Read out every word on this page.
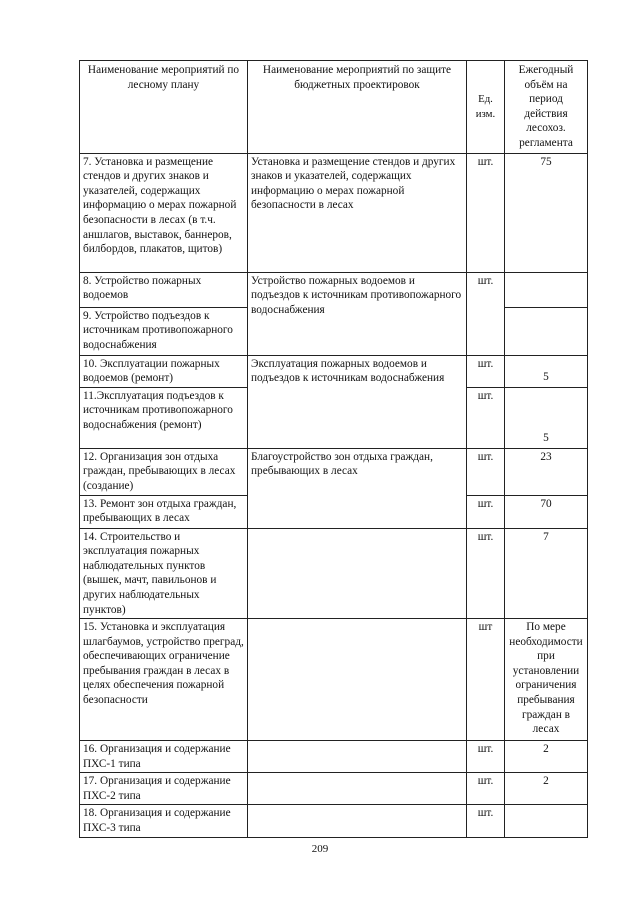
Наименование мероприятий по лесному плану	Наименование мероприятий по защите бюджетных проектировок	Ед. изм.	Ежегодный объём на период действия лесохоз. регламента
7. Установка и размещение стендов и других знаков и указателей, содержащих информацию о мерах пожарной безопасности в лесах (в т.ч. аншлагов, выставок, баннеров, билбордов, плакатов, щитов)	Установка и размещение стендов и других знаков и указателей, содержащих информацию о мерах пожарной безопасности в лесах	шт.	75
8. Устройство пожарных водоемов	Устройство пожарных водоемов и подъездов к источникам противопожарного водоснабжения	шт.	
9. Устройство подъездов к источникам противопожарного водоснабжения			
10. Эксплуатации пожарных водоемов (ремонт)	Эксплуатация пожарных водоемов и подъездов к источникам водоснабжения	шт.	5
11.Эксплуатация подъездов к источникам противопожарного водоснабжения (ремонт)		шт.	5
12. Организация зон отдыха граждан, пребывающих в лесах (создание)	Благоустройство зон отдыха граждан, пребывающих в лесах	шт.	23
13. Ремонт зон отдыха граждан, пребывающих в лесах		шт.	70
14. Строительство и эксплуатация пожарных наблюдательных пунктов (вышек, мачт, павильонов и других наблюдательных пунктов)		шт.	7
15. Установка и эксплуатация шлагбаумов, устройство преград, обеспечивающих ограничение пребывания граждан в лесах в целях обеспечения пожарной безопасности		шт	По мере необходимости при установлении ограничения пребывания граждан в лесах
16. Организация и содержание ПХС-1 типа		шт.	2
17. Организация и содержание ПХС-2 типа		шт.	2
18. Организация и содержание ПХС-3 типа		шт.	
209
